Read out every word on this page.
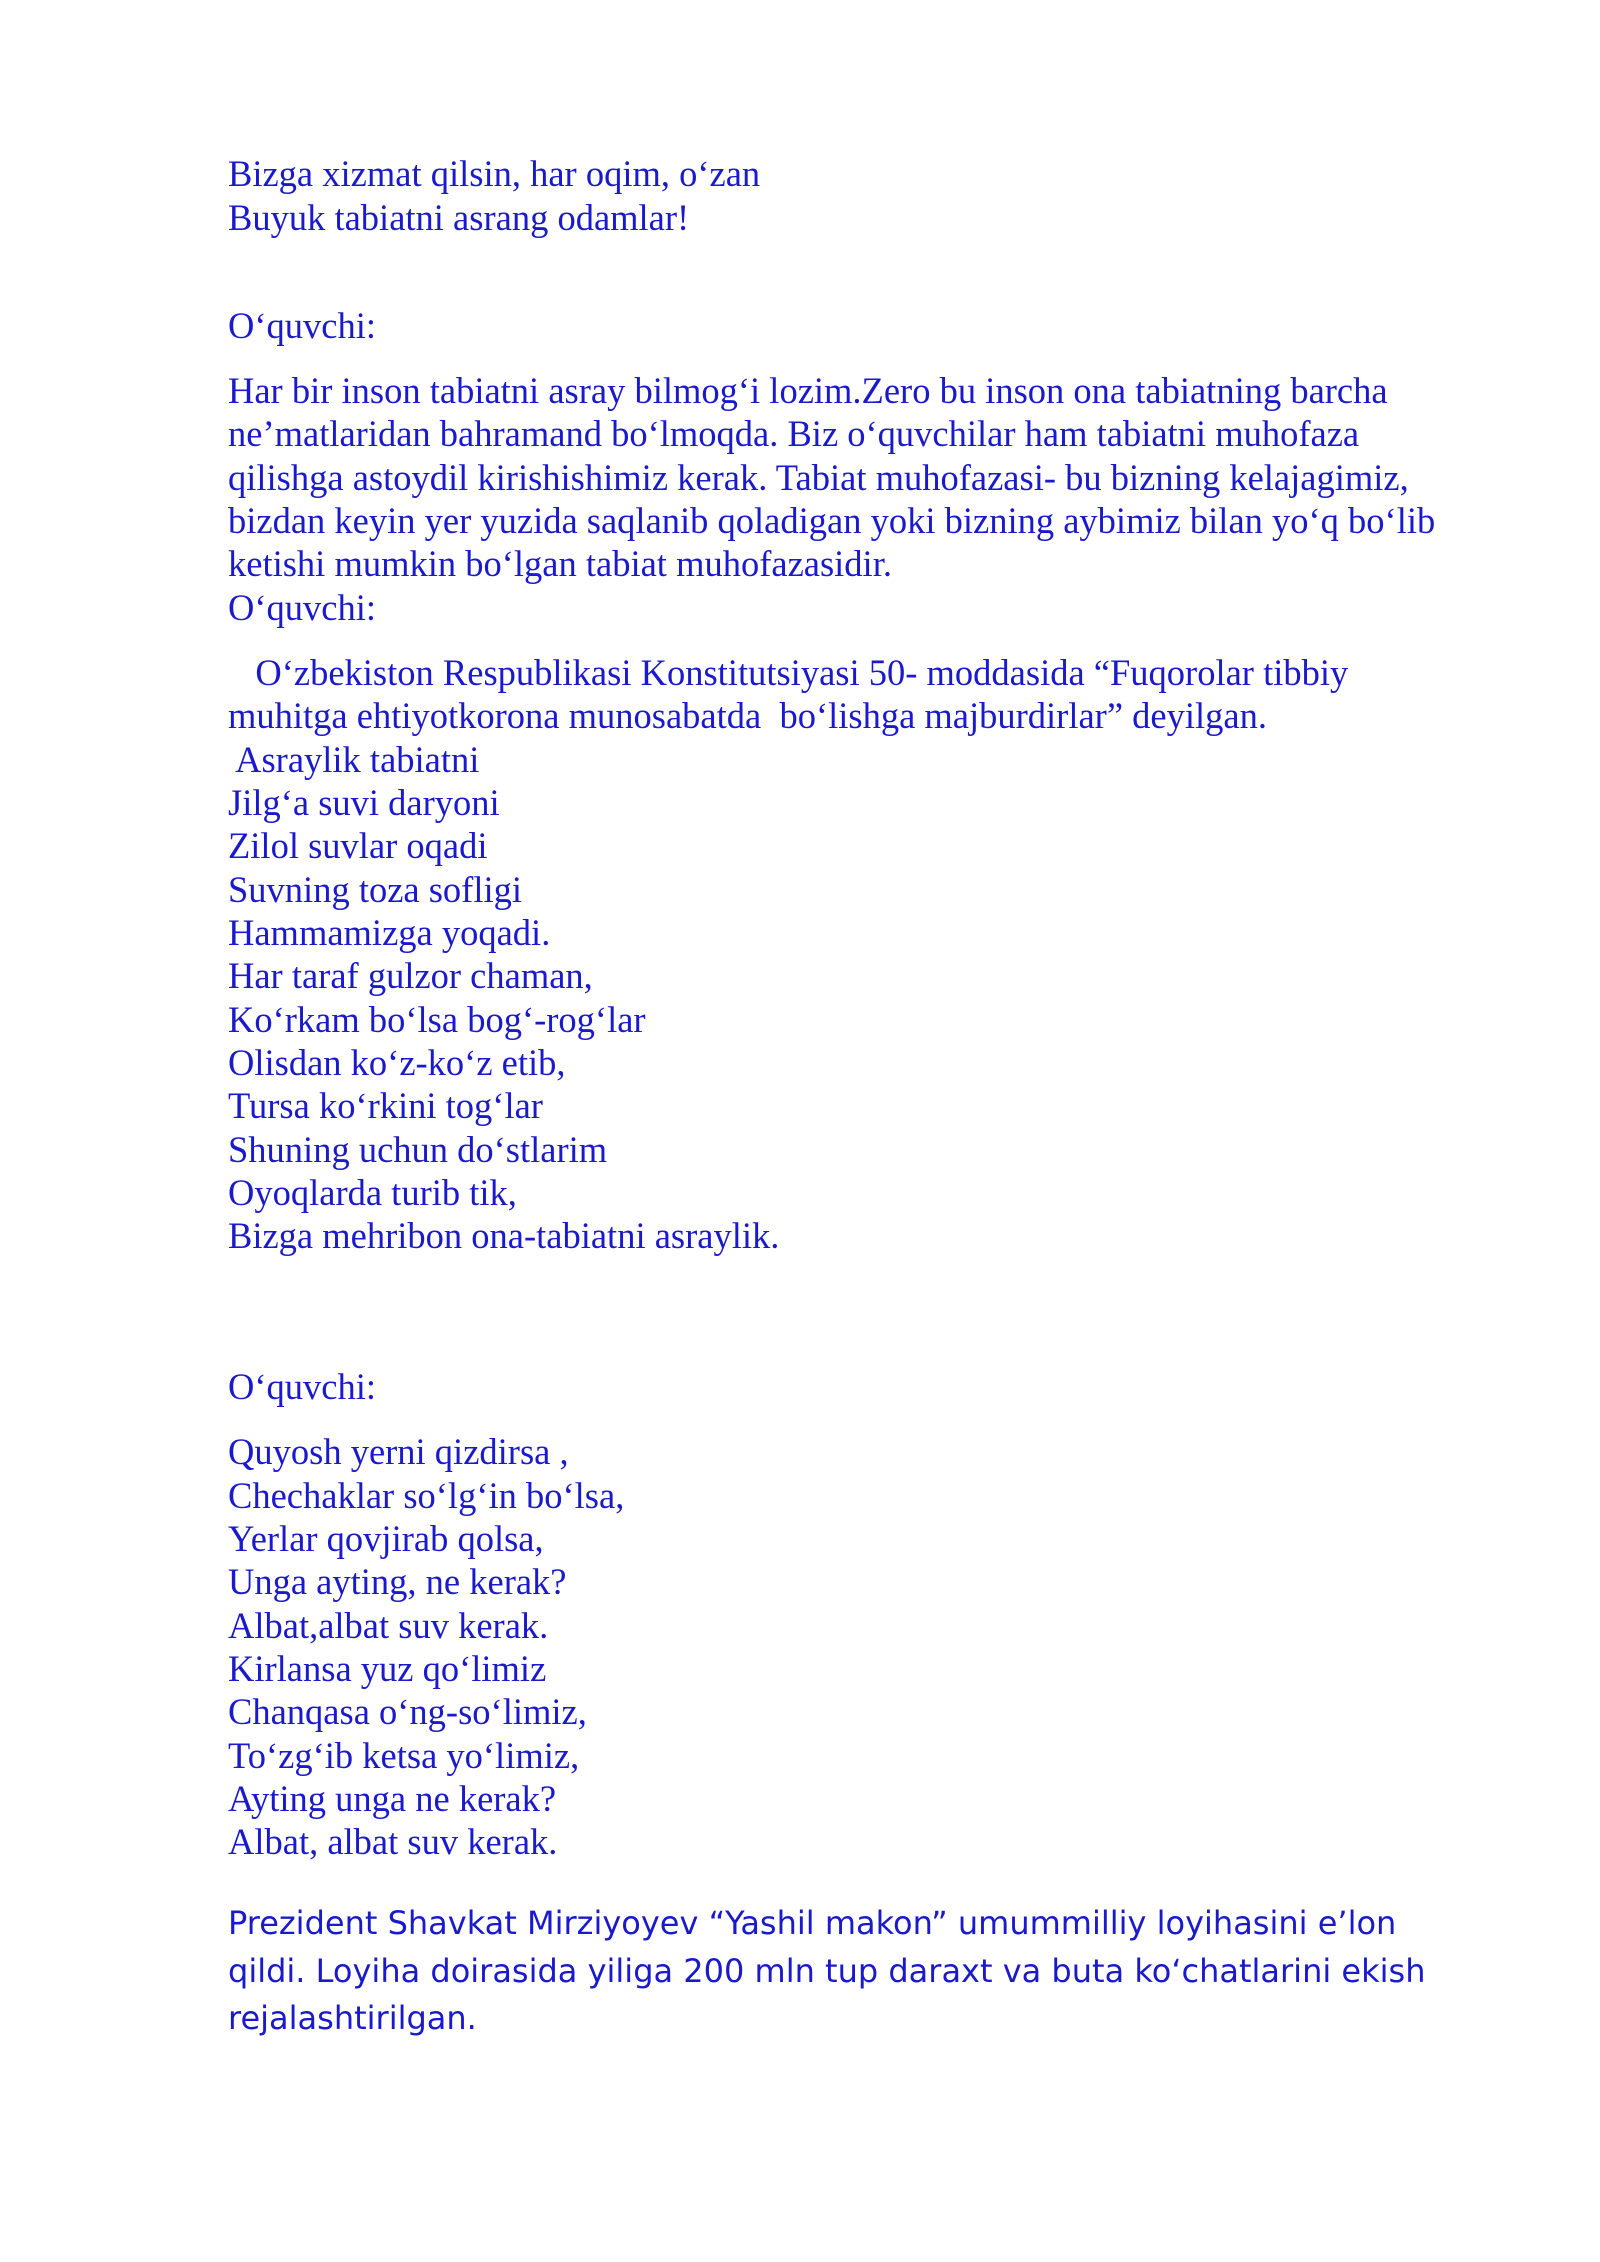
Bizga xizmat qilsin, har oqim, o‘zan

Buyuk tabiatni asrang odamlar!

O‘quvchi:

Har bir inson tabiatni asray bilmog‘i lozim.Zero bu inson ona tabiatning barcha

ne’matlaridan bahramand bo‘lmoqda. Biz o‘quvchilar ham tabiatni muhofaza

qilishga astoydil kirishishimiz kerak. Tabiat muhofazasi- bu bizning kelajagimiz,

bizdan keyin yer yuzida saqlanib qoladigan yoki bizning aybimiz bilan yo‘q bo‘lib

ketishi mumkin bo‘lgan tabiat muhofazasidir.

O‘quvchi:

O‘zbekiston Respublikasi Konstitutsiyasi 50- moddasida “Fuqorolar tibbiy

muhitga ehtiyotkorona munosabatda  bo‘lishga majburdirlar” deyilgan.

Asraylik tabiatni

Jilg‘a suvi daryoni

Zilol suvlar oqadi

Suvning toza sofligi

Hammamizga yoqadi.

Har taraf gulzor chaman,

Ko‘rkam bo‘lsa bog‘-rog‘lar

Olisdan ko‘z-ko‘z etib,

Tursa ko‘rkini tog‘lar

Shuning uchun do‘stlarim

Oyoqlarda turib tik,

Bizga mehribon ona-tabiatni asraylik.

O‘quvchi:

Quyosh yerni qizdirsa ,

Chechaklar so‘lg‘in bo‘lsa,

Yerlar qovjirab qolsa,

Unga ayting, ne kerak?

Albat,albat suv kerak.

Kirlansa yuz qo‘limiz

Chanqasa o‘ng-so‘limiz,

To‘zg‘ib ketsa yo‘limiz,

Ayting unga ne kerak?

Albat, albat suv kerak.

Prezident Shavkat Mirziyoyev “Yashil makon” umummilliy loyihasini e’lon
qildi. Loyiha doirasida yiliga 200 mln tup daraxt va buta ko‘chatlarini ekish
rejalashtirilgan.
